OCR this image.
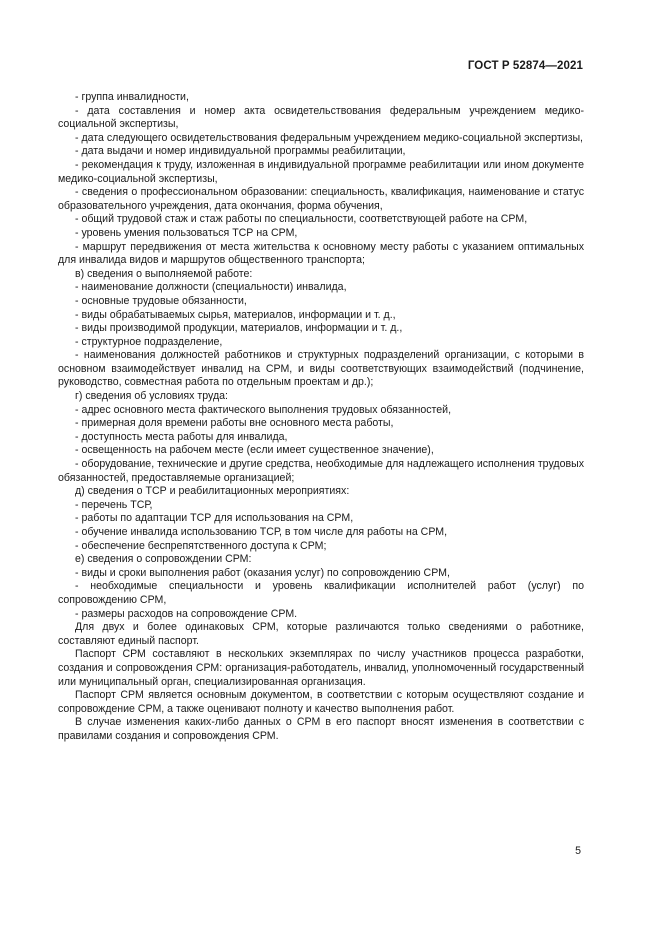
ГОСТ Р 52874—2021

- группа инвалидности,

- дата составления и номер акта освидетельствования федеральным учреждением медико-социальной экспертизы,

- дата следующего освидетельствования федеральным учреждением медико-социальной экспертизы,

- дата выдачи и номер индивидуальной программы реабилитации,

- рекомендация к труду, изложенная в индивидуальной программе реабилитации или ином документе медико-социальной экспертизы,

- сведения о профессиональном образовании: специальность, квалификация, наименование и статус образовательного учреждения, дата окончания, форма обучения,

- общий трудовой стаж и стаж работы по специальности, соответствующей работе на СРМ,

- уровень умения пользоваться ТСР на СРМ,

- маршрут передвижения от места жительства к основному месту работы с указанием оптимальных для инвалида видов и маршрутов общественного транспорта;

в) сведения о выполняемой работе:

- наименование должности (специальности) инвалида,

- основные трудовые обязанности,

- виды обрабатываемых сырья, материалов, информации и т. д.,

- виды производимой продукции, материалов, информации и т. д.,

- структурное подразделение,

- наименования должностей работников и структурных подразделений организации, с которыми в основном взаимодействует инвалид на СРМ, и виды соответствующих взаимодействий (подчинение, руководство, совместная работа по отдельным проектам и др.);

г) сведения об условиях труда:

- адрес основного места фактического выполнения трудовых обязанностей,

- примерная доля времени работы вне основного места работы,

- доступность места работы для инвалида,

- освещенность на рабочем месте (если имеет существенное значение),

- оборудование, технические и другие средства, необходимые для надлежащего исполнения трудовых обязанностей, предоставляемые организацией;

д) сведения о ТСР и реабилитационных мероприятиях:

- перечень ТСР,

- работы по адаптации ТСР для использования на СРМ,

- обучение инвалида использованию ТСР, в том числе для работы на СРМ,

- обеспечение беспрепятственного доступа к СРМ;

е) сведения о сопровождении СРМ:

- виды и сроки выполнения работ (оказания услуг) по сопровождению СРМ,

- необходимые специальности и уровень квалификации исполнителей работ (услуг) по сопровождению СРМ,

- размеры расходов на сопровождение СРМ.

Для двух и более одинаковых СРМ, которые различаются только сведениями о работнике, составляют единый паспорт.

Паспорт СРМ составляют в нескольких экземплярах по числу участников процесса разработки, создания и сопровождения СРМ: организация-работодатель, инвалид, уполномоченный государственный или муниципальный орган, специализированная организация.

Паспорт СРМ является основным документом, в соответствии с которым осуществляют создание и сопровождение СРМ, а также оценивают полноту и качество выполнения работ.

В случае изменения каких-либо данных о СРМ в его паспорт вносят изменения в соответствии с правилами создания и сопровождения СРМ.

5
